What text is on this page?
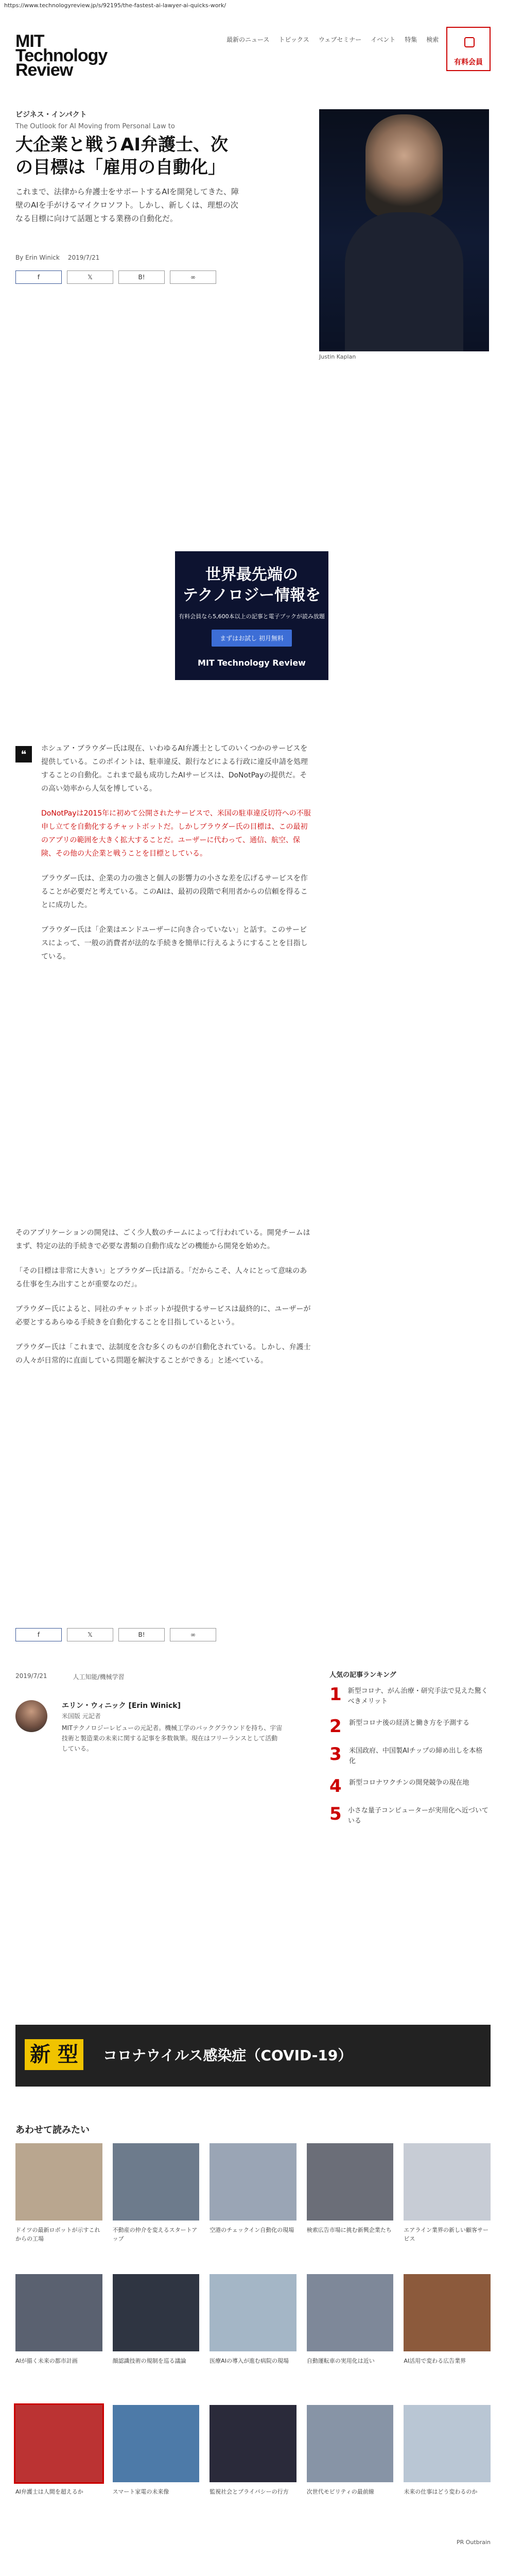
https://www.technologyreview.jp/s/92195/the-fastest-ai-lawyer-ai-quicks-work/
MIT Technology Review
最新のニュース トピックス ウェブセミナー イベント 特集 検索
有料会員
ビジネス・インパクト
The Outlook for AI Moving from Personal Law to
大企業と戦うAI弁護士、次の目標は「雇用の自動化」
これまで、法律から弁護士をサポートするAIを開発してきた、障壁のAIを手がけるマイクロソフト。しかし、新しくは、理想の次なる目標に向けて話題とする業務の自動化だ。
By Erin Winick 2019/7/21
f	𝕏	B!	∞
Justin Kaplan
世界最先端の
テクノロジー情報を
有料会員なら5,600本以上の記事と電子ブックが読み放題
まずはお試し 初月無料
MIT Technology Review
❝	ホシュア・ブラウダー氏は現在、いわゆるAI弁護士としてのいくつかのサービスを提供している。このポイントは、駐車違反、銀行などによる行政に違反申請を処理することの自動化。これまで最も成功したAIサービスは、DoNotPayの提供だ。その高い効率から人気を博している。

DoNotPayは2015年に初めて公開されたサービスで、米国の駐車違反切符への不服申し立てを自動化するチャットボットだ。しかしブラウダー氏の目標は、この最初のアプリの範囲を大きく拡大することだ。ユーザーに代わって、通信、航空、保険、その他の大企業と戦うことを目標としている。

ブラウダー氏は、企業の力の強さと個人の影響力の小さな差を広げるサービスを作ることが必要だと考えている。このAIは、最初の段階で利用者からの信頼を得ることに成功した。

ブラウダー氏は「企業はエンドユーザーに向き合っていない」と話す。このサービスによって、一般の消費者が法的な手続きを簡単に行えるようにすることを目指している。

そのアプリケーションの開発は、ごく少人数のチームによって行われている。開発チームはまず、特定の法的手続きで必要な書類の自動作成などの機能から開発を始めた。

「その目標は非常に大きい」とブラウダー氏は語る。「だからこそ、人々にとって意味のある仕事を生み出すことが重要なのだ」。

ブラウダー氏によると、同社のチャットボットが提供するサービスは最終的に、ユーザーが必要とするあらゆる手続きを自動化することを目指しているという。

ブラウダー氏は「これまで、法制度を含む多くのものが自動化されている。しかし、弁護士の人々が日常的に直面している問題を解決することができる」と述べている。

f	𝕏	B!	∞
2019/7/21	人工知能/機械学習
エリン・ウィニック [Erin Winick]
米国版 元記者
MITテクノロジーレビューの元記者。機械工学のバックグラウンドを持ち、宇宙技術と製造業の未来に関する記事を多数執筆。現在はフリーランスとして活動している。
人気の記事ランキング
1 新型コロナ、がん治療・研究手法で見えた驚くべきメリット
2 新型コロナ後の経済と働き方を予測する
3 米国政府、中国製AIチップの締め出しを本格化
4 新型コロナワクチンの開発競争の現在地
5 小さな量子コンピューターが実用化へ近づいている
新 型	コロナウイルス感染症（COVID-19）
あわせて読みたい
ドイツの最新ロボットが示すこれからの工場
不動産の仲介を変えるスタートアップ
空港のチェックイン自動化の現場	検索広告市場に挑む新興企業たち	エアライン業界の新しい顧客サービス
AIが描く未来の都市計画	顔認識技術の規制を巡る議論	医療AIの導入が進む病院の現場	自動運転車の実用化は近い	AI活用で変わる広告業界
AI弁護士は人間を超えるか	スマート家電の未来像	監視社会とプライバシーの行方	次世代モビリティの最前線	未来の仕事はどう変わるのか
PR Outbrain
